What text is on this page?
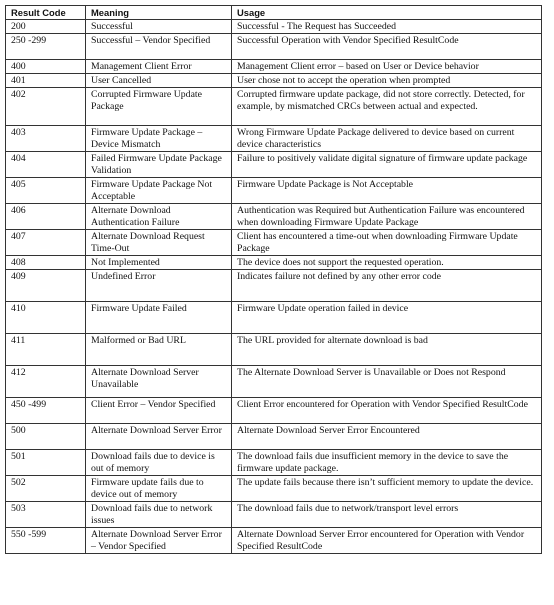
Result Code	Meaning	Usage
200	Successful	Successful - The Request has Succeeded
250 -299	Successful – Vendor Specified	Successful Operation with Vendor Specified ResultCode
400	Management Client Error	Management Client error – based on User or Device behavior
401	User Cancelled	User chose not to accept the operation when prompted
402	Corrupted Firmware Update Package	Corrupted firmware update package, did not store correctly. Detected, for example, by mismatched CRCs between actual and expected.
403	Firmware Update Package – Device Mismatch	Wrong Firmware Update Package delivered to device based on current device characteristics
404	Failed Firmware Update Package Validation	Failure to positively validate digital signature of firmware update package
405	Firmware Update Package Not Acceptable	Firmware Update Package is Not Acceptable
406	Alternate Download Authentication Failure	Authentication was Required but Authentication Failure was encountered when downloading Firmware Update Package
407	Alternate Download Request Time-Out	Client has encountered a time-out when downloading Firmware Update Package
408	Not Implemented	The device does not support the requested operation.
409	Undefined Error	Indicates failure not defined by any other error code
410	Firmware Update Failed	Firmware Update operation failed in device
411	Malformed or Bad URL	The URL provided for alternate download is bad
412	Alternate Download Server Unavailable	The Alternate Download Server is Unavailable or Does not Respond
450 -499	Client Error – Vendor Specified	Client Error encountered for Operation with Vendor Specified ResultCode
500	Alternate Download Server Error	Alternate Download Server Error Encountered
501	Download fails due to device is out of memory	The download fails due insufficient memory in the device to save the firmware update package.
502	Firmware update fails due to device out of memory	The update fails because there isn’t sufficient memory to update the device.
503	Download fails due to network issues	The download fails due to network/transport level errors
550 -599	Alternate Download Server Error – Vendor Specified	Alternate Download Server Error encountered for Operation with Vendor Specified ResultCode
